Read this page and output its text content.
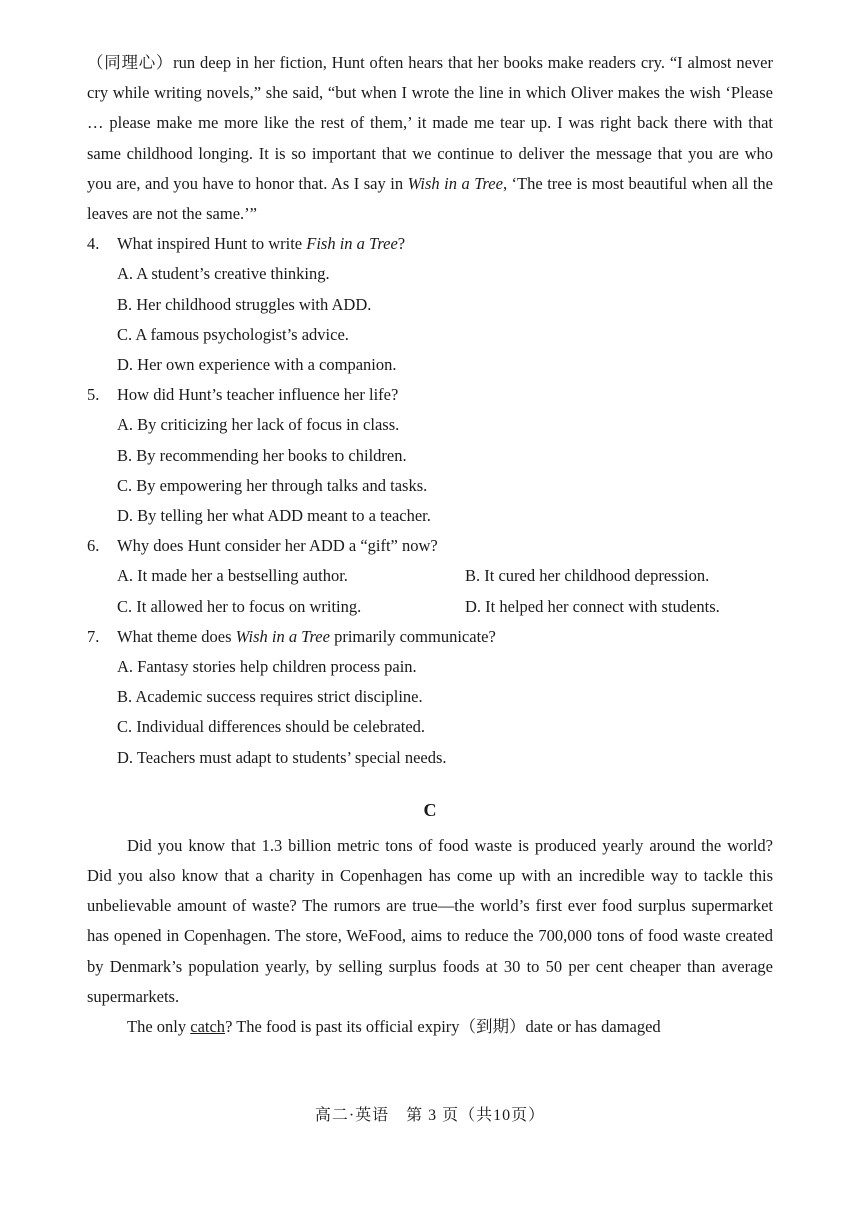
（同理心）run deep in her fiction, Hunt often hears that her books make readers cry. “I almost never cry while writing novels,” she said, “but when I wrote the line in which Oliver makes the wish ‘Please … please make me more like the rest of them,’ it made me tear up. I was right back there with that same childhood longing. It is so important that we continue to deliver the message that you are who you are, and you have to honor that. As I say in Wish in a Tree, ‘The tree is most beautiful when all the leaves are not the same.’”

4. What inspired Hunt to write Fish in a Tree?

A. A student’s creative thinking.

B. Her childhood struggles with ADD.

C. A famous psychologist’s advice.

D. Her own experience with a companion.

5. How did Hunt’s teacher influence her life?

A. By criticizing her lack of focus in class.

B. By recommending her books to children.

C. By empowering her through talks and tasks.

D. By telling her what ADD meant to a teacher.

6. Why does Hunt consider her ADD a “gift” now?

A. It made her a bestselling author.	B. It cured her childhood depression.
C. It allowed her to focus on writing.	D. It helped her connect with students.

7. What theme does Wish in a Tree primarily communicate?

A. Fantasy stories help children process pain.

B. Academic success requires strict discipline.

C. Individual differences should be celebrated.

D. Teachers must adapt to students’ special needs.

C

Did you know that 1.3 billion metric tons of food waste is produced yearly around the world? Did you also know that a charity in Copenhagen has come up with an incredible way to tackle this unbelievable amount of waste? The rumors are true—the world’s first ever food surplus supermarket has opened in Copenhagen. The store, WeFood, aims to reduce the 700,000 tons of food waste created by Denmark’s population yearly, by selling surplus foods at 30 to 50 per cent cheaper than average supermarkets.

The only catch? The food is past its official expiry（到期）date or has damaged

高二·英语　第 3 页（共10页）
